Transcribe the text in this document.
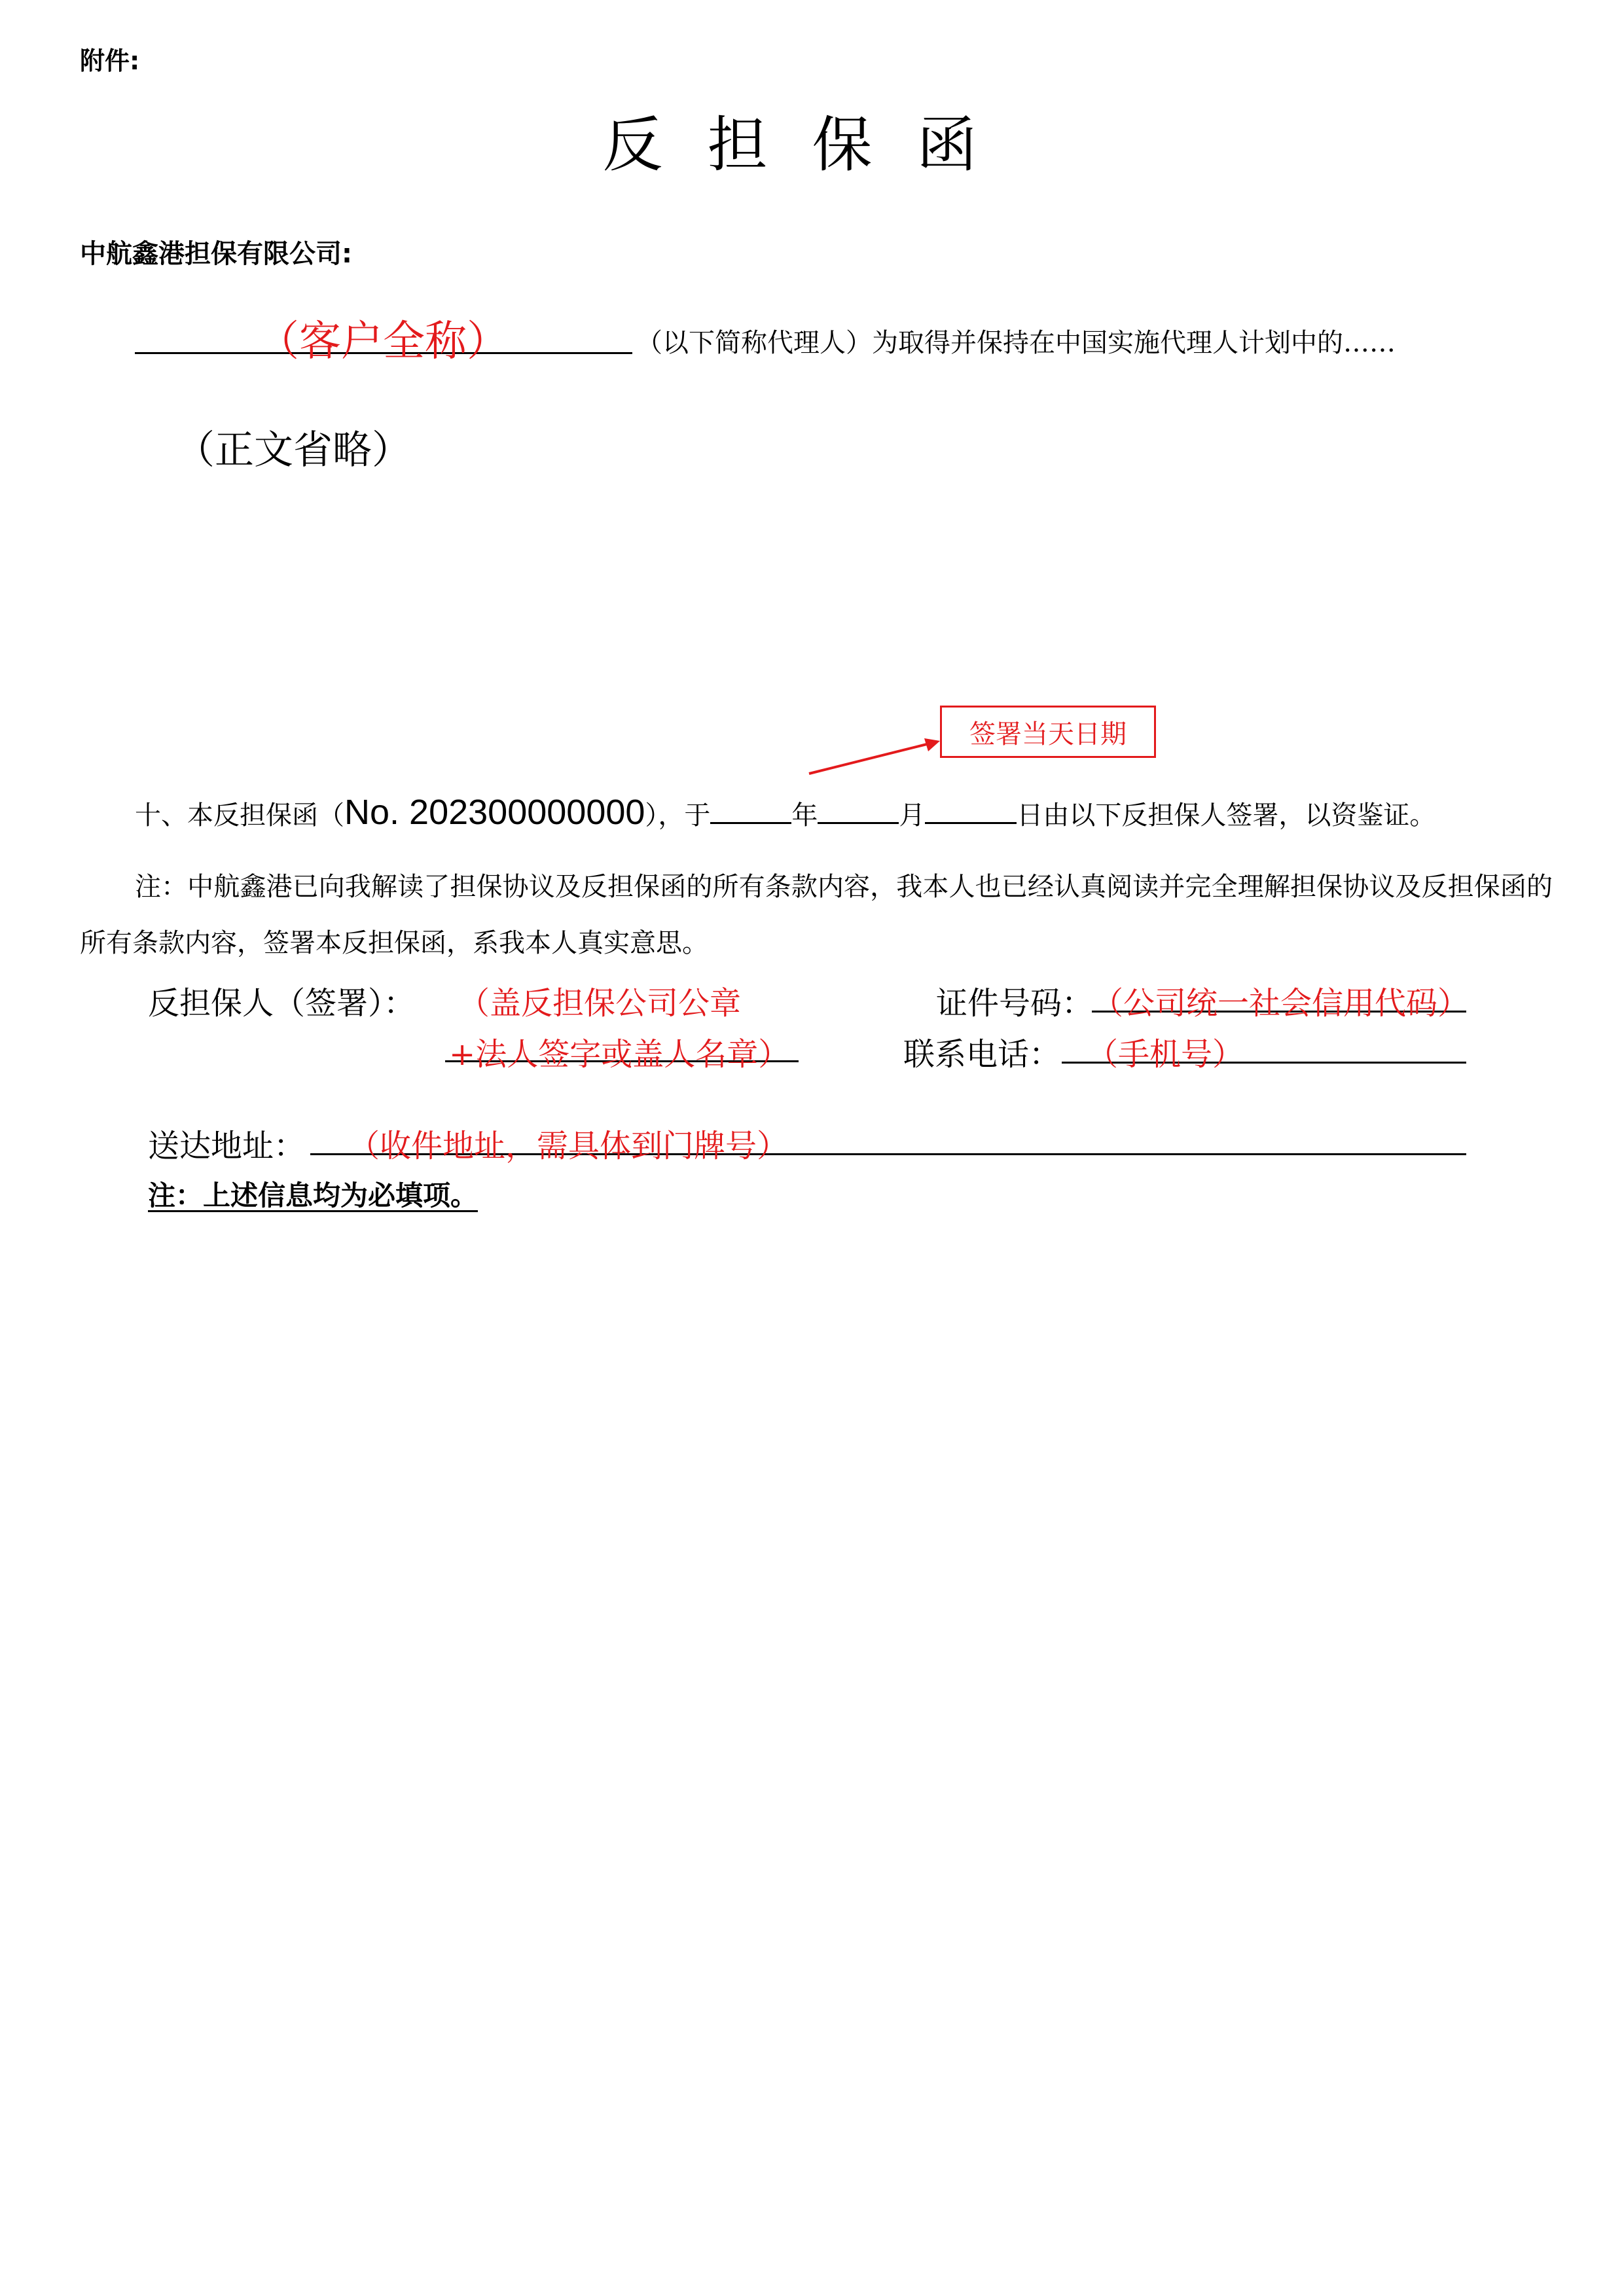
附件:
反担保函
中航鑫港担保有限公司:
（客户全称）	（以下简称代理人）为取得并保持在中国实施代理人计划中的……
（正文省略）
签署当天日期
十、本反担保函（No. 202300000000），于	年	月	日由以下反担保人签署，以资鉴证。
注：中航鑫港已向我解读了担保协议及反担保函的所有条款内容，我本人也已经认真阅读并完全理解担保协议及反担保函的所有条款内容，签署本反担保函，系我本人真实意思。
反担保人（签署）： （盖反担保公司公章
+法人签字或盖人名章）
证件号码：
（公司统一社会信用代码）
联系电话： （手机号）
送达地址： （收件地址，需具体到门牌号）
注：上述信息均为必填项。
